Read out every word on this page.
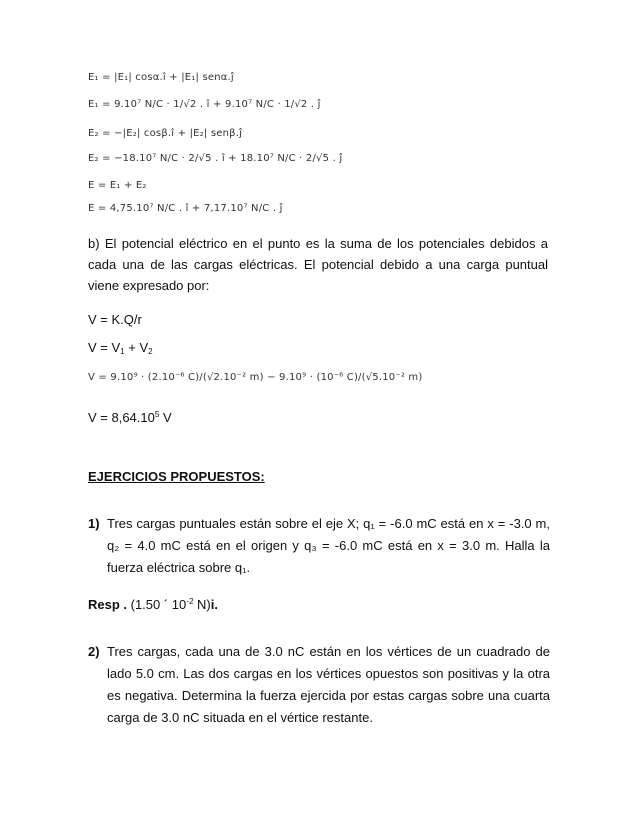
E₁ = |E₁| cosα.î + |E₁| senα.ĵ
E₁ = 9.10⁷ N/C · 1/√2 . î + 9.10⁷ N/C · 1/√2 . ĵ
E₂ = −|E₂| cosβ.î + |E₂| senβ.ĵ
E₂ = −18.10⁷ N/C · 2/√5 . î + 18.10⁷ N/C · 2/√5 . ĵ
E = E₁ + E₂
E = 4,75.10⁷ N/C . î + 7,17.10⁷ N/C . ĵ
b) El potencial eléctrico en el punto es la suma de los potenciales debidos a cada una de las cargas eléctricas. El potencial debido a una carga puntual viene expresado por:
V = K.Q/r
$V = V_1 + V_2$
V = 9.10⁹ · (2.10⁻⁶ C)/(√2.10⁻² m) − 9.10⁹ · (10⁻⁶ C)/(√5.10⁻² m)
$V = 8,64.10^5$ V
EJERCICIOS PROPUESTOS:
1) Tres cargas puntuales están sobre el eje X; q₁ = -6.0 mC está en x = -3.0 m, q₂ = 4.0 mC está en el origen y q₃ = -6.0 mC está en x = 3.0 m. Halla la fuerza eléctrica sobre q₁.
Resp . (1.50 ´ $10^{-2}$ N)i.
2) Tres cargas, cada una de 3.0 nC están en los vértices de un cuadrado de lado 5.0 cm. Las dos cargas en los vértices opuestos son positivas y la otra es negativa. Determina la fuerza ejercida por estas cargas sobre una cuarta carga de 3.0 nC situada en el vértice restante.
